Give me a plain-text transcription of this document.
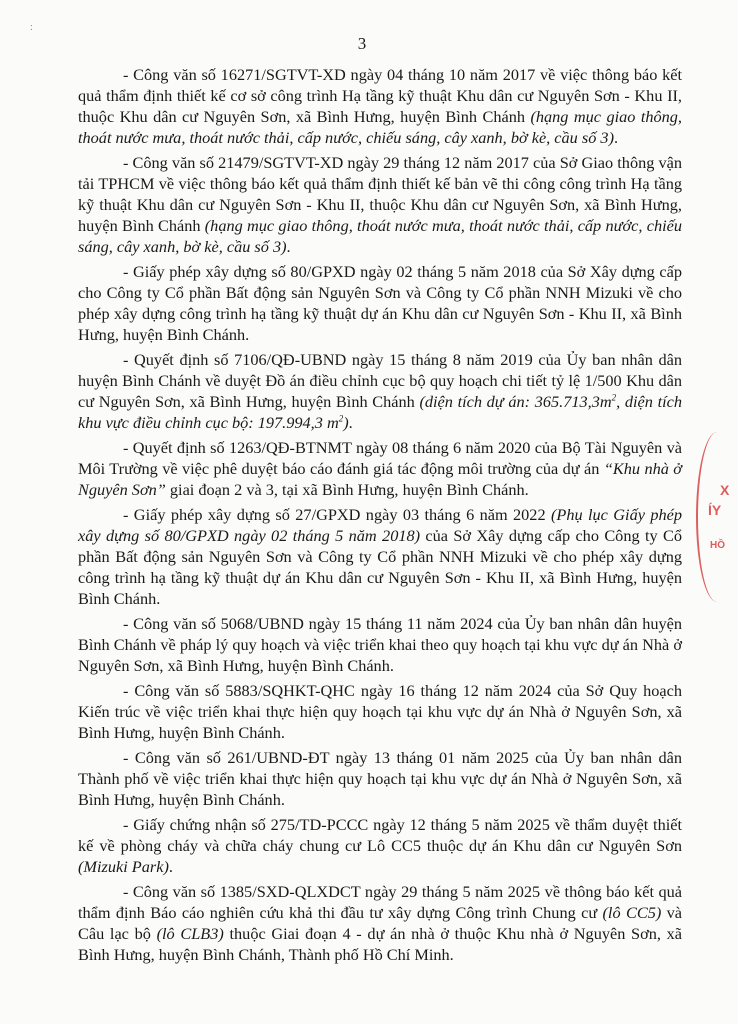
:
3

- Công văn số 16271/SGTVT-XD ngày 04 tháng 10 năm 2017 về việc thông báo kết quả thẩm định thiết kế cơ sở công trình Hạ tầng kỹ thuật Khu dân cư Nguyên Sơn - Khu II, thuộc Khu dân cư Nguyên Sơn, xã Bình Hưng, huyện Bình Chánh (hạng mục giao thông, thoát nước mưa, thoát nước thải, cấp nước, chiếu sáng, cây xanh, bờ kè, cầu số 3).

- Công văn số 21479/SGTVT-XD ngày 29 tháng 12 năm 2017 của Sở Giao thông vận tải TPHCM về việc thông báo kết quả thẩm định thiết kế bản vẽ thi công công trình Hạ tầng kỹ thuật Khu dân cư Nguyên Sơn - Khu II, thuộc Khu dân cư Nguyên Sơn, xã Bình Hưng, huyện Bình Chánh (hạng mục giao thông, thoát nước mưa, thoát nước thải, cấp nước, chiếu sáng, cây xanh, bờ kè, cầu số 3).

- Giấy phép xây dựng số 80/GPXD ngày 02 tháng 5 năm 2018 của Sở Xây dựng cấp cho Công ty Cổ phần Bất động sản Nguyên Sơn và Công ty Cổ phần NNH Mizuki về cho phép xây dựng công trình hạ tầng kỹ thuật dự án Khu dân cư Nguyên Sơn - Khu II, xã Bình Hưng, huyện Bình Chánh.

- Quyết định số 7106/QĐ-UBND ngày 15 tháng 8 năm 2019 của Ủy ban nhân dân huyện Bình Chánh về duyệt Đồ án điều chỉnh cục bộ quy hoạch chi tiết tỷ lệ 1/500 Khu dân cư Nguyên Sơn, xã Bình Hưng, huyện Bình Chánh (diện tích dự án: $365.713,3m^2$, diện tích khu vực điều chỉnh cục bộ: 197.994,3 $m^2$).

- Quyết định số 1263/QĐ-BTNMT ngày 08 tháng 6 năm 2020 của Bộ Tài Nguyên và Môi Trường về việc phê duyệt báo cáo đánh giá tác động môi trường của dự án “Khu nhà ở Nguyên Sơn” giai đoạn 2 và 3, tại xã Bình Hưng, huyện Bình Chánh.

- Giấy phép xây dựng số 27/GPXD ngày 03 tháng 6 năm 2022 (Phụ lục Giấy phép xây dựng số 80/GPXD ngày 02 tháng 5 năm 2018) của Sở Xây dựng cấp cho Công ty Cổ phần Bất động sản Nguyên Sơn và Công ty Cổ phần NNH Mizuki về cho phép xây dựng công trình hạ tầng kỹ thuật dự án Khu dân cư Nguyên Sơn - Khu II, xã Bình Hưng, huyện Bình Chánh.

- Công văn số 5068/UBND ngày 15 tháng 11 năm 2024 của Ủy ban nhân dân huyện Bình Chánh về pháp lý quy hoạch và việc triển khai theo quy hoạch tại khu vực dự án Nhà ở Nguyên Sơn, xã Bình Hưng, huyện Bình Chánh.

- Công văn số 5883/SQHKT-QHC ngày 16 tháng 12 năm 2024 của Sở Quy hoạch Kiến trúc về việc triển khai thực hiện quy hoạch tại khu vực dự án Nhà ở Nguyên Sơn, xã Bình Hưng, huyện Bình Chánh.

- Công văn số 261/UBND-ĐT ngày 13 tháng 01 năm 2025 của Ủy ban nhân dân Thành phố về việc triển khai thực hiện quy hoạch tại khu vực dự án Nhà ở Nguyên Sơn, xã Bình Hưng, huyện Bình Chánh.

- Giấy chứng nhận số 275/TD-PCCC ngày 12 tháng 5 năm 2025 về thẩm duyệt thiết kế về phòng cháy và chữa cháy chung cư Lô CC5 thuộc dự án Khu dân cư Nguyên Sơn (Mizuki Park).

- Công văn số 1385/SXD-QLXDCT ngày 29 tháng 5 năm 2025 về thông báo kết quả thẩm định Báo cáo nghiên cứu khả thi đầu tư xây dựng Công trình Chung cư (lô CC5) và Câu lạc bộ (lô CLB3) thuộc Giai đoạn 4 - dự án nhà ở thuộc Khu nhà ở Nguyên Sơn, xã Bình Hưng, huyện Bình Chánh, Thành phố Hồ Chí Minh.

X
ÍY
HỒ
